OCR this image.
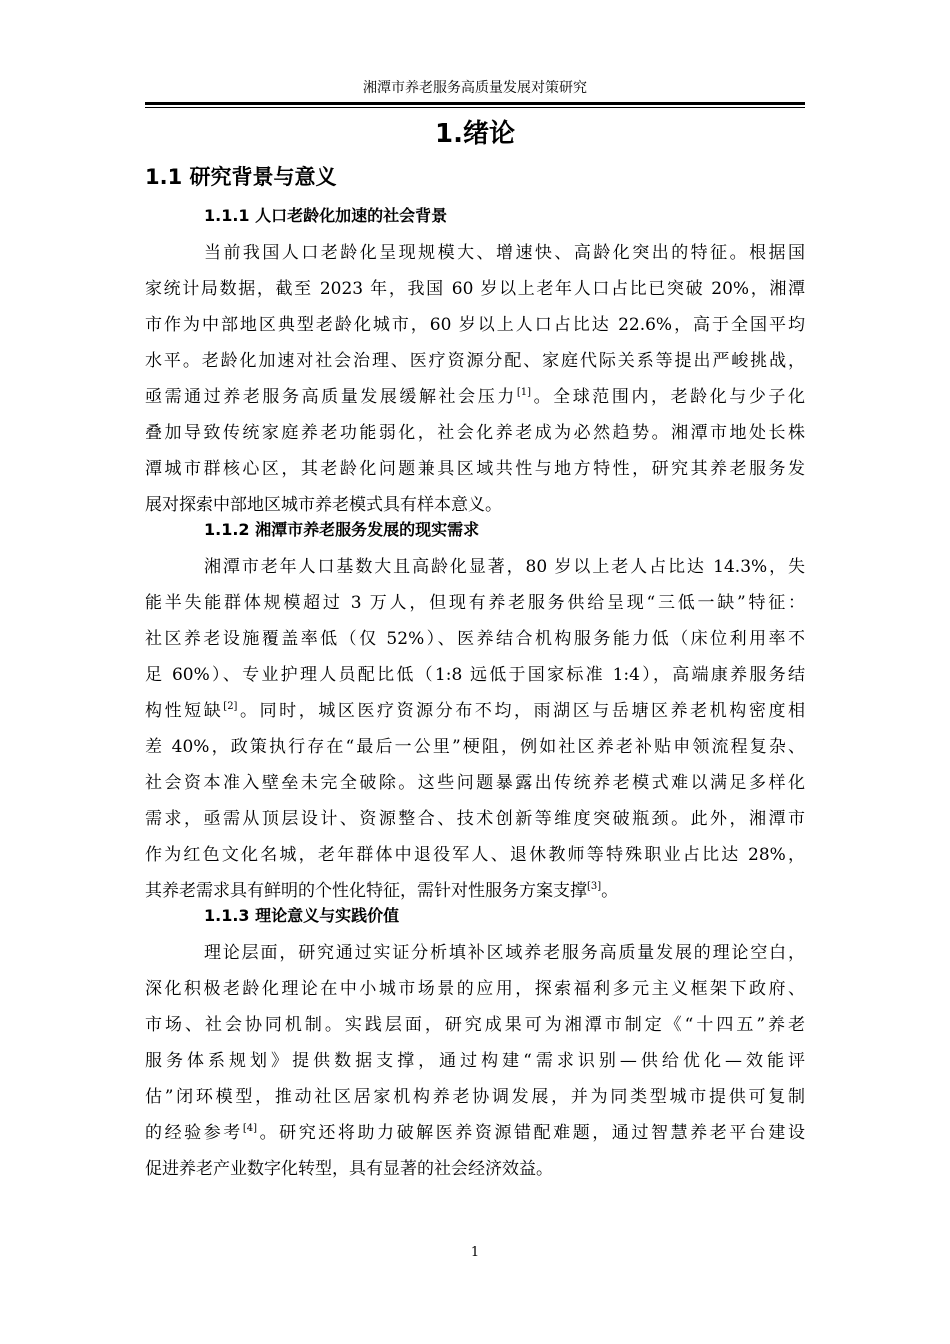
湘潭市养老服务高质量发展对策研究
1.绪论
1.1 研究背景与意义
1.1.1 人口老龄化加速的社会背景
当前我国人口老龄化呈现规模大、增速快、高龄化突出的特征。根据国
家统计局数据，截至 2023 年，我国 60 岁以上老年人口占比已突破 20%，湘潭
市作为中部地区典型老龄化城市，60 岁以上人口占比达 22.6%，高于全国平均
水平。老龄化加速对社会治理、医疗资源分配、家庭代际关系等提出严峻挑战，
亟需通过养老服务高质量发展缓解社会压力[1]。全球范围内，老龄化与少子化
叠加导致传统家庭养老功能弱化，社会化养老成为必然趋势。湘潭市地处长株
潭城市群核心区，其老龄化问题兼具区域共性与地方特性，研究其养老服务发
展对探索中部地区城市养老模式具有样本意义。
1.1.2 湘潭市养老服务发展的现实需求
湘潭市老年人口基数大且高龄化显著，80 岁以上老人占比达 14.3%，失
能半失能群体规模超过 3 万人，但现有养老服务供给呈现“三低一缺”特征：
社区养老设施覆盖率低（仅 52%）、医养结合机构服务能力低（床位利用率不
足 60%）、专业护理人员配比低（1:8 远低于国家标准 1:4），高端康养服务结
构性短缺[2]。同时，城区医疗资源分布不均，雨湖区与岳塘区养老机构密度相
差 40%，政策执行存在“最后一公里”梗阻，例如社区养老补贴申领流程复杂、
社会资本准入壁垒未完全破除。这些问题暴露出传统养老模式难以满足多样化
需求，亟需从顶层设计、资源整合、技术创新等维度突破瓶颈。此外，湘潭市
作为红色文化名城，老年群体中退役军人、退休教师等特殊职业占比达 28%，
其养老需求具有鲜明的个性化特征，需针对性服务方案支撑[3]。
1.1.3 理论意义与实践价值
理论层面，研究通过实证分析填补区域养老服务高质量发展的理论空白，
深化积极老龄化理论在中小城市场景的应用，探索福利多元主义框架下政府、
市场、社会协同机制。实践层面，研究成果可为湘潭市制定《“十四五”养老
服务体系规划》提供数据支撑，通过构建“需求识别—供给优化—效能评
估”闭环模型，推动社区居家机构养老协调发展，并为同类型城市提供可复制
的经验参考[4]。研究还将助力破解医养资源错配难题，通过智慧养老平台建设
促进养老产业数字化转型，具有显著的社会经济效益。
1
